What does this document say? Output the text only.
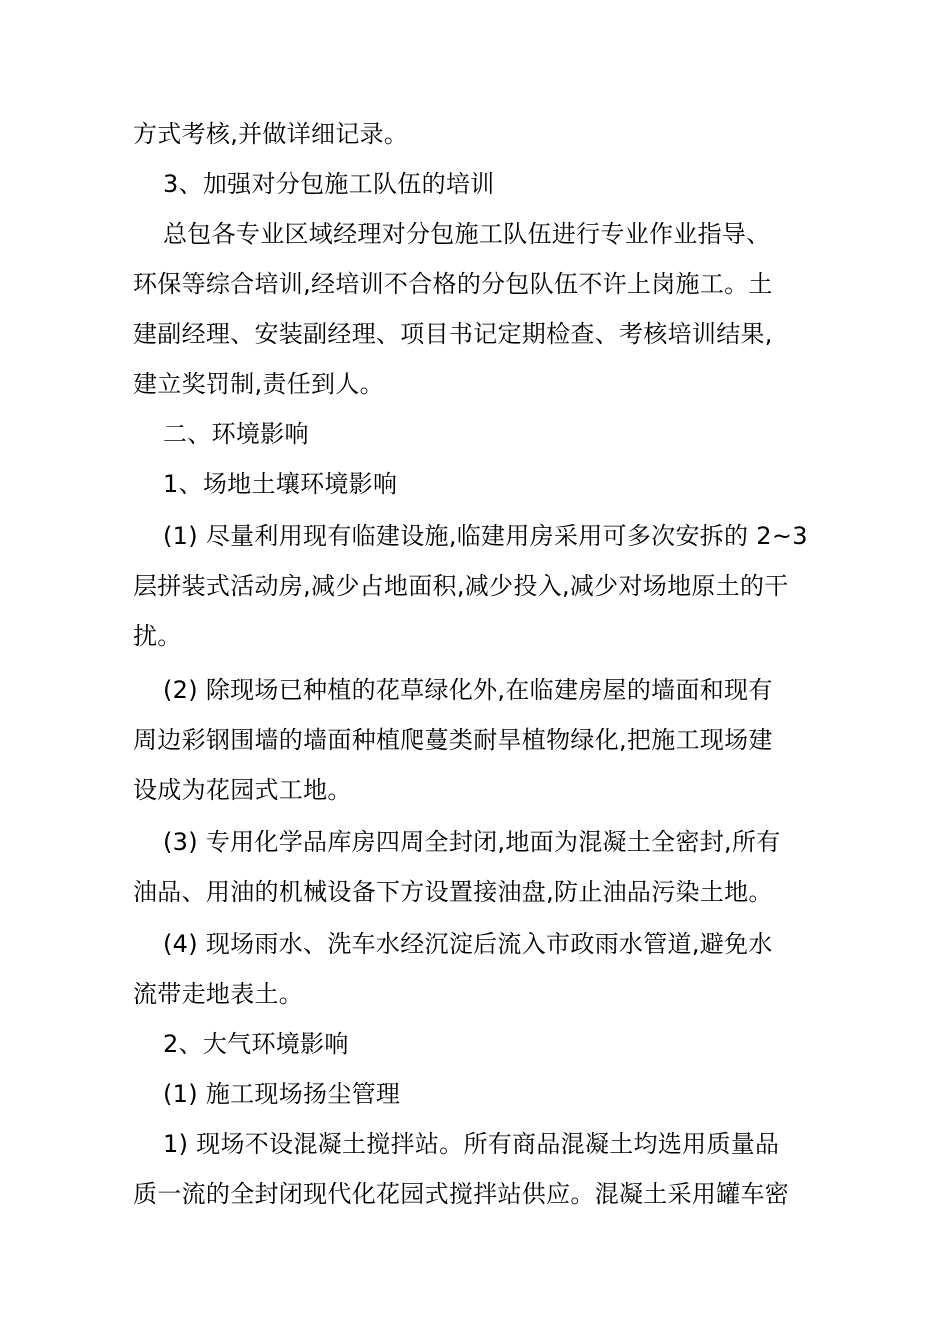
方式考核,并做详细记录。
3、加强对分包施工队伍的培训
总包各专业区域经理对分包施工队伍进行专业作业指导、
环保等综合培训,经培训不合格的分包队伍不许上岗施工。土
建副经理、安装副经理、项目书记定期检查、考核培训结果,
建立奖罚制,责任到人。
二、环境影响
1、场地土壤环境影响
(1) 尽量利用现有临建设施,临建用房采用可多次安拆的 2~3
层拼装式活动房,减少占地面积,减少投入,减少对场地原土的干
扰。
(2) 除现场已种植的花草绿化外,在临建房屋的墙面和现有
周边彩钢围墙的墙面种植爬蔓类耐旱植物绿化,把施工现场建
设成为花园式工地。
(3) 专用化学品库房四周全封闭,地面为混凝土全密封,所有
油品、用油的机械设备下方设置接油盘,防止油品污染土地。
(4) 现场雨水、洗车水经沉淀后流入市政雨水管道,避免水
流带走地表土。
2、大气环境影响
(1) 施工现场扬尘管理
1) 现场不设混凝土搅拌站。所有商品混凝土均选用质量品
质一流的全封闭现代化花园式搅拌站供应。混凝土采用罐车密
